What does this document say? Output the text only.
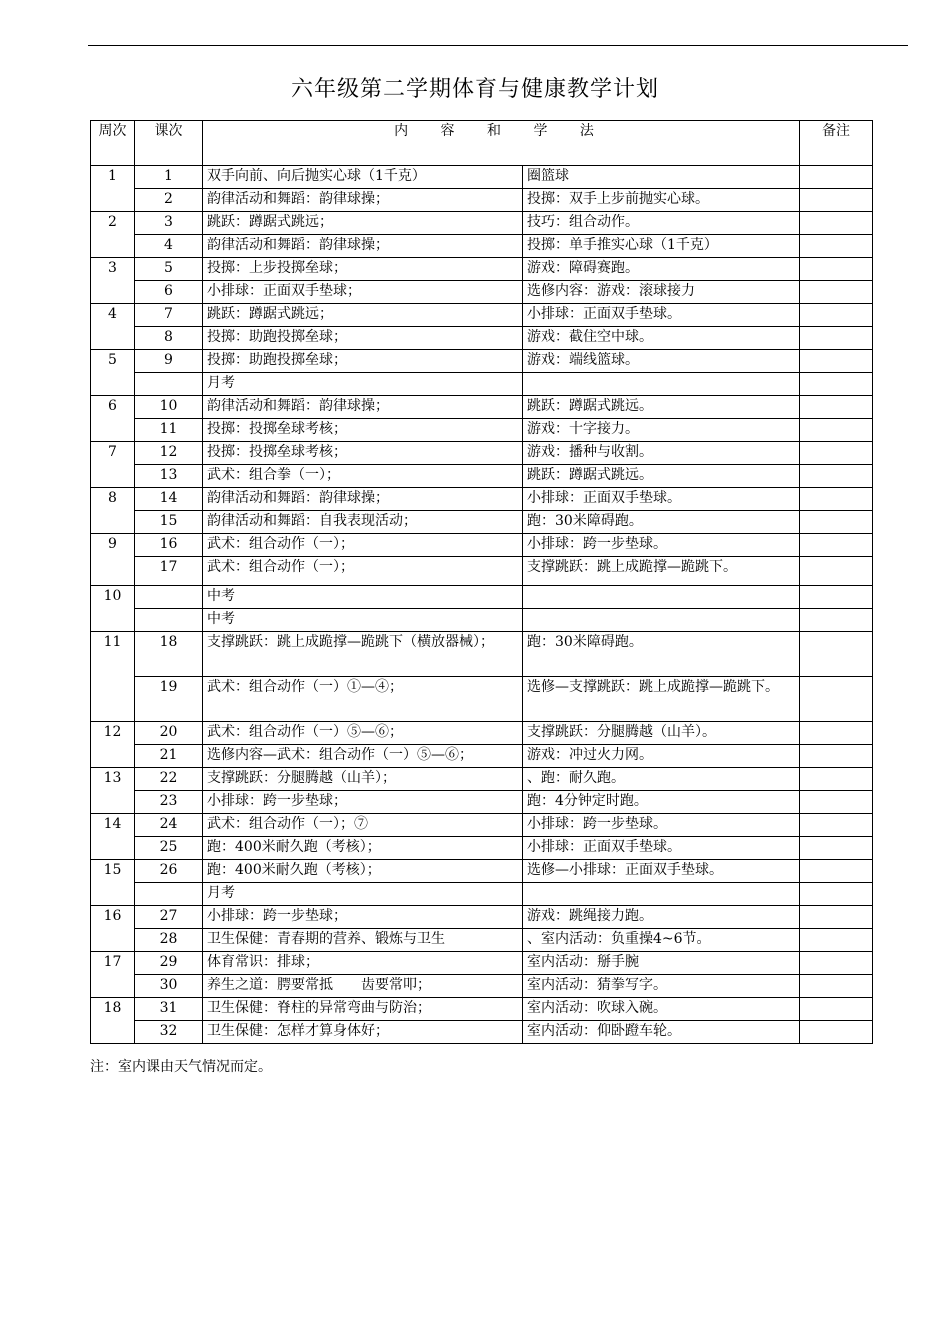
六年级第二学期体育与健康教学计划
周次	课次	内 容 和 学 法		备注
1	1	双手向前、向后抛实心球（1千克）	圈篮球	
	2	韵律活动和舞蹈：韵律球操；	投掷：双手上步前抛实心球。	
2	3	跳跃：蹲踞式跳远；	技巧：组合动作。	
	4	韵律活动和舞蹈：韵律球操；	投掷：单手推实心球（1千克）	
3	5	投掷：上步投掷垒球；	游戏：障碍赛跑。	
	6	小排球：正面双手垫球；	选修内容：游戏：滚球接力	
4	7	跳跃：蹲踞式跳远；	小排球：正面双手垫球。	
	8	投掷：助跑投掷垒球；	游戏：截住空中球。	
5	9	投掷：助跑投掷垒球；	游戏：端线篮球。	
		月考		
6	10	韵律活动和舞蹈：韵律球操；	跳跃：蹲踞式跳远。	
	11	投掷：投掷垒球考核；	游戏：十字接力。	
7	12	投掷：投掷垒球考核；	游戏：播种与收割。	
	13	武术：组合拳（一）；	跳跃：蹲踞式跳远。	
8	14	韵律活动和舞蹈：韵律球操；	小排球：正面双手垫球。	
	15	韵律活动和舞蹈：自我表现活动；	跑：30米障碍跑。	
9	16	武术：组合动作（一）；	小排球：跨一步垫球。	
	17	武术：组合动作（一）；	支撑跳跃：跳上成跪撑—跪跳下。	
10		中考		
		中考		
11	18	支撑跳跃：跳上成跪撑—跪跳下（横放器械）；	跑：30米障碍跑。	
	19	武术：组合动作（一）①—④；	选修—支撑跳跃：跳上成跪撑—跪跳下。	
12	20	武术：组合动作（一）⑤—⑥；	支撑跳跃：分腿腾越（山羊）。	
	21	选修内容—武术：组合动作（一）⑤—⑥；	游戏：冲过火力网。	
13	22	支撑跳跃：分腿腾越（山羊）；	、跑：耐久跑。	
	23	小排球：跨一步垫球；	跑：4分钟定时跑。	
14	24	武术：组合动作（一）；⑦	小排球：跨一步垫球。	
	25	跑：400米耐久跑（考核）；	小排球：正面双手垫球。	
15	26	跑：400米耐久跑（考核）；	选修—小排球：正面双手垫球。	
		月考		
16	27	小排球：跨一步垫球；	游戏：跳绳接力跑。	
	28	卫生保健：青春期的营养、锻炼与卫生	、室内活动：负重操4~6节。	
17	29	体育常识：排球；	室内活动：掰手腕	
	30	养生之道：腭要常抵　　齿要常叩；	室内活动：猜拳写字。	
18	31	卫生保健：脊柱的异常弯曲与防治；	室内活动：吹球入碗。	
	32	卫生保健：怎样才算身体好；	室内活动：仰卧蹬车轮。	
注：室内课由天气情况而定。
